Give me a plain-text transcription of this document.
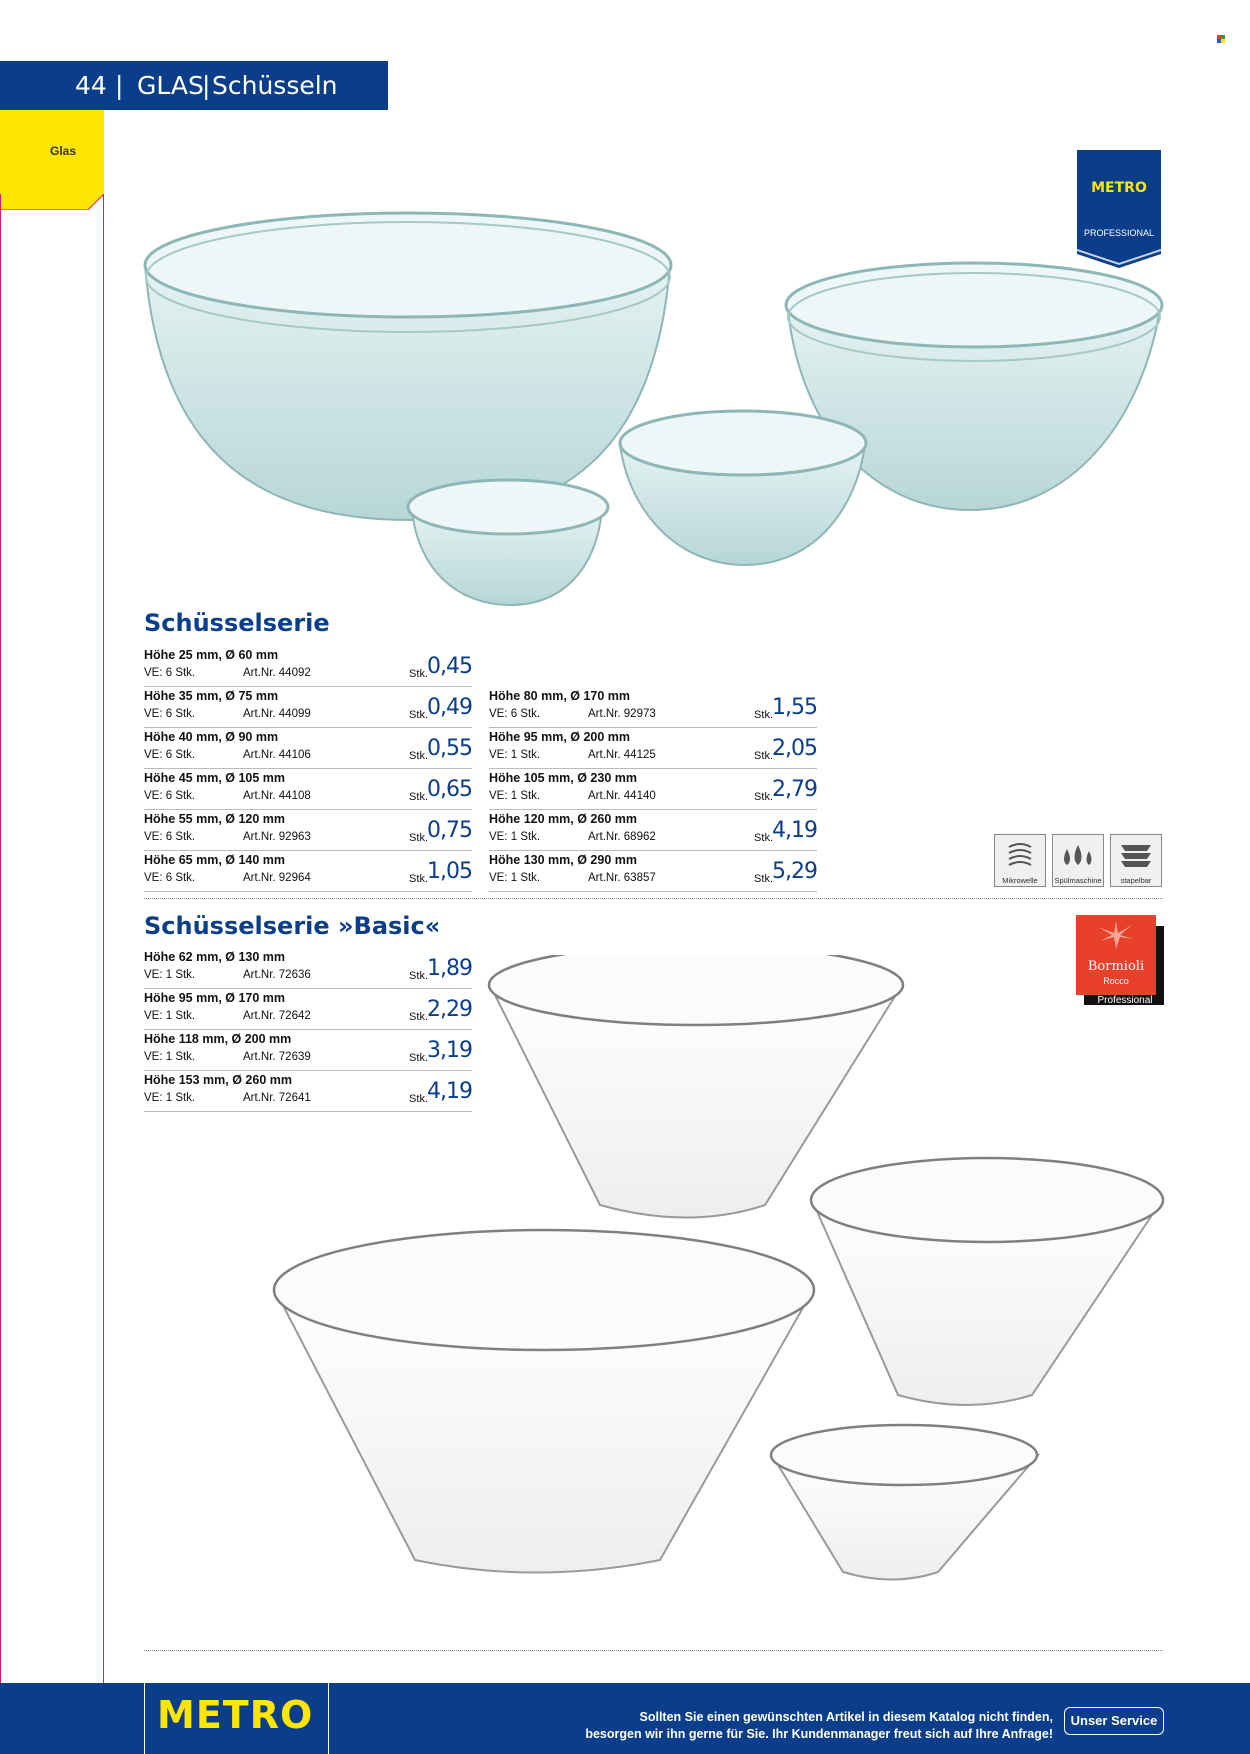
44 | GLAS
| Schüsseln
Glas
METRO
PROFESSIONAL
Schüsselserie
Höhe 25 mm, Ø 60 mm
VE: 6 Stk.	Art.Nr. 44092	Stk. 0,45
Höhe 35 mm, Ø 75 mm
VE: 6 Stk.	Art.Nr. 44099	Stk. 0,49
Höhe 40 mm, Ø 90 mm
VE: 6 Stk.	Art.Nr. 44106	Stk. 0,55
Höhe 45 mm, Ø 105 mm
VE: 6 Stk.	Art.Nr. 44108	Stk. 0,65
Höhe 55 mm, Ø 120 mm
VE: 6 Stk.	Art.Nr. 92963	Stk. 0,75
Höhe 65 mm, Ø 140 mm
VE: 6 Stk.	Art.Nr. 92964	Stk. 1,05
Höhe 80 mm, Ø 170 mm
VE: 6 Stk.	Art.Nr. 92973	Stk. 1,55
Höhe 95 mm, Ø 200 mm
VE: 1 Stk.	Art.Nr. 44125	Stk. 2,05
Höhe 105 mm, Ø 230 mm
VE: 1 Stk.	Art.Nr. 44140	Stk. 2,79
Höhe 120 mm, Ø 260 mm
VE: 1 Stk.	Art.Nr. 68962	Stk. 4,19
Höhe 130 mm, Ø 290 mm
VE: 1 Stk.	Art.Nr. 63857	Stk. 5,29	Mikrowelle	Spülmaschine	stapelbar
Schüsselserie »Basic«
Höhe 62 mm, Ø 130 mm
VE: 1 Stk.	Art.Nr. 72636	Stk. 1,89
Höhe 95 mm, Ø 170 mm
VE: 1 Stk.	Art.Nr. 72642	Stk. 2,29
Höhe 118 mm, Ø 200 mm
VE: 1 Stk.	Art.Nr. 72639	Stk. 3,19
Höhe 153 mm, Ø 260 mm
VE: 1 Stk.	Art.Nr. 72641	Stk. 4,19
Bormioli
Rocco
Professional
METRO	Sollten Sie einen gewünschten Artikel in diesem Katalog nicht finden,
besorgen wir ihn gerne für Sie. Ihr Kundenmanager freut sich auf Ihre Anfrage!
Unser Service
